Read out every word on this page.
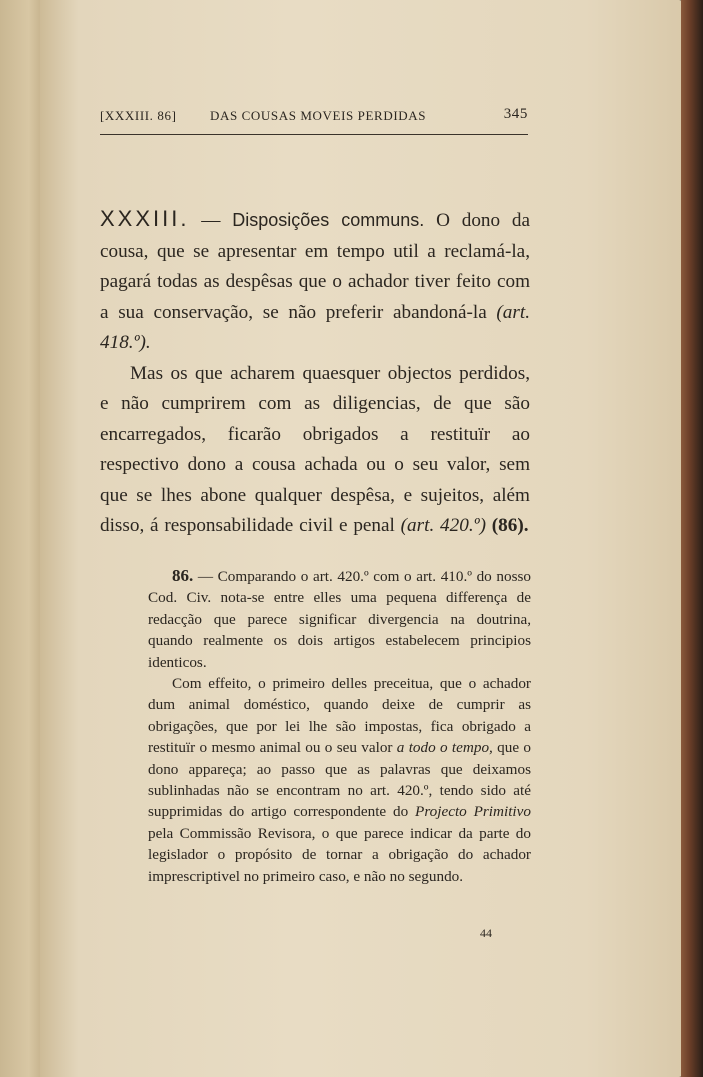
[XXXIII. 86]	DAS COUSAS MOVEIS PERDIDAS	345

XXXIII. — Disposições communs. O dono da cousa, que se apresentar em tempo util a reclamá-la, pagará todas as despêsas que o achador tiver feito com a sua conservação, se não preferir abandoná-la (art. 418.º).

Mas os que acharem quaesquer objectos perdidos, e não cumprirem com as diligencias, de que são encarregados, ficarão obrigados a restituïr ao respectivo dono a cousa achada ou o seu valor, sem que se lhes abone qualquer despêsa, e sujeitos, além disso, á responsabilidade civil e penal (art. 420.º) (86).

86. — Comparando o art. 420.º com o art. 410.º do nosso Cod. Civ. nota-se entre elles uma pequena differença de redacção que parece significar divergencia na doutrina, quando realmente os dois artigos estabelecem principios identicos.

Com effeito, o primeiro delles preceitua, que o achador dum animal doméstico, quando deixe de cumprir as obrigações, que por lei lhe são impostas, fica obrigado a restituïr o mesmo animal ou o seu valor a todo o tempo, que o dono appareça; ao passo que as palavras que deixamos sublinhadas não se encontram no art. 420.º, tendo sido até supprimidas do artigo correspondente do Projecto Primitivo pela Commissão Revisora, o que parece indicar da parte do legislador o propósito de tornar a obrigação do achador imprescriptivel no primeiro caso, e não no segundo.

44
